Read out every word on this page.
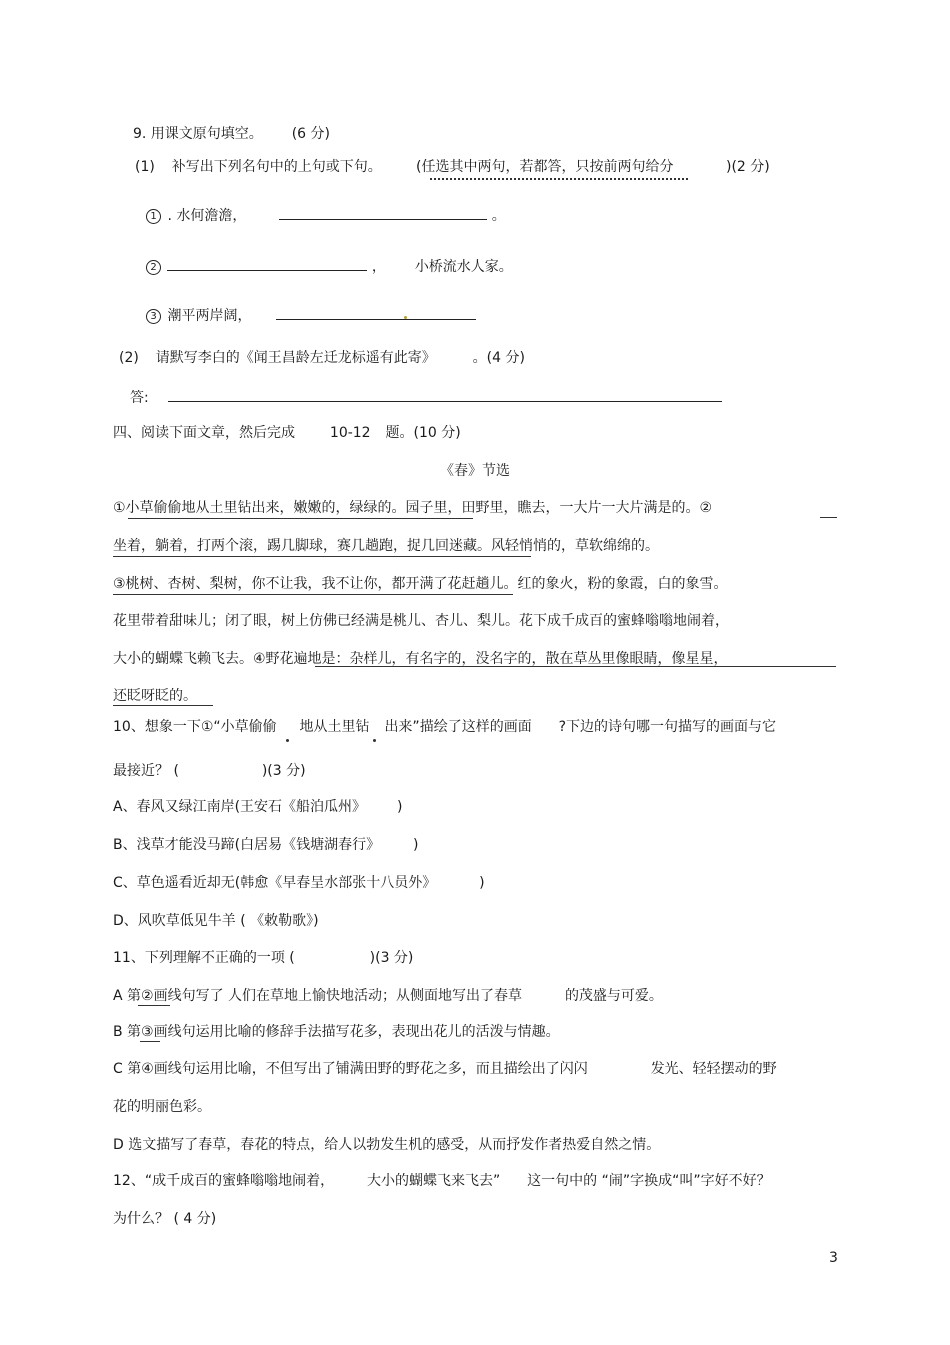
9. 用课文原句填空。 (6 分)
(1) 补写出下列名句中的上句或下句。 (任选其中两句，若都答，只按前两句给分	)(2 分)
1 . 水何澹澹，	。
2	， 小桥流水人家。
3 潮平两岸阔，
(2) 请默写李白的《闻王昌龄左迁龙标遥有此寄》	。(4 分)
答:
四、阅读下面文章，然后完成 10-12 题。(10 分)
《春》节选
①小草偷偷地从土里钻出来，嫩嫩的，绿绿的。园子里，田野里，瞧去，一大片一大片满是的。②
坐着，躺着，打两个滚，踢几脚球，赛几趟跑，捉几回迷藏。风轻悄悄的，草软绵绵的。
③桃树、杏树、梨树，你不让我，我不让你，都开满了花赶趟儿。红的象火，粉的象霞，白的象雪。
花里带着甜味儿；闭了眼，树上仿佛已经满是桃儿、杏儿、梨儿。花下成千成百的蜜蜂嗡嗡地闹着，
大小的蝴蝶飞赖飞去。④野花遍地是：杂样儿，有名字的，没名字的，散在草丛里像眼睛，像星星，
还眨呀眨的。
10、想象一下①“小草偷偷 地从土里钻 出来”描绘了这样的画面 ?下边的诗句哪一句描写的画面与它
最接近？ (	)(3 分)
A、春风又绿江南岸(王安石《船泊瓜州》 )
B、浅草才能没马蹄(白居易《钱塘湖春行》 )
C、草色遥看近却无(韩愈《早春呈水部张十八员外》	)
D、风吹草低见牛羊 ( 《敕勒歌》)
11、下列理解不正确的一项 (	)(3 分)
A 第②画线句写了 人们在草地上愉快地活动；从侧面地写出了春草	的茂盛与可爱。
B 第③画线句运用比喻的修辞手法描写花多，表现出花儿的活泼与情趣。
C 第④画线句运用比喻，不但写出了铺满田野的野花之多，而且描绘出了闪闪	发光、轻轻摆动的野
花的明丽色彩。
D 选文描写了春草，春花的特点，给人以勃发生机的感受，从而抒发作者热爱自然之情。
12、“成千成百的蜜蜂嗡嗡地闹着， 大小的蝴蝶飞来飞去” 这一句中的 “闹”字换成“叫”字好不好？
为什么？ ( 4 分)
3
